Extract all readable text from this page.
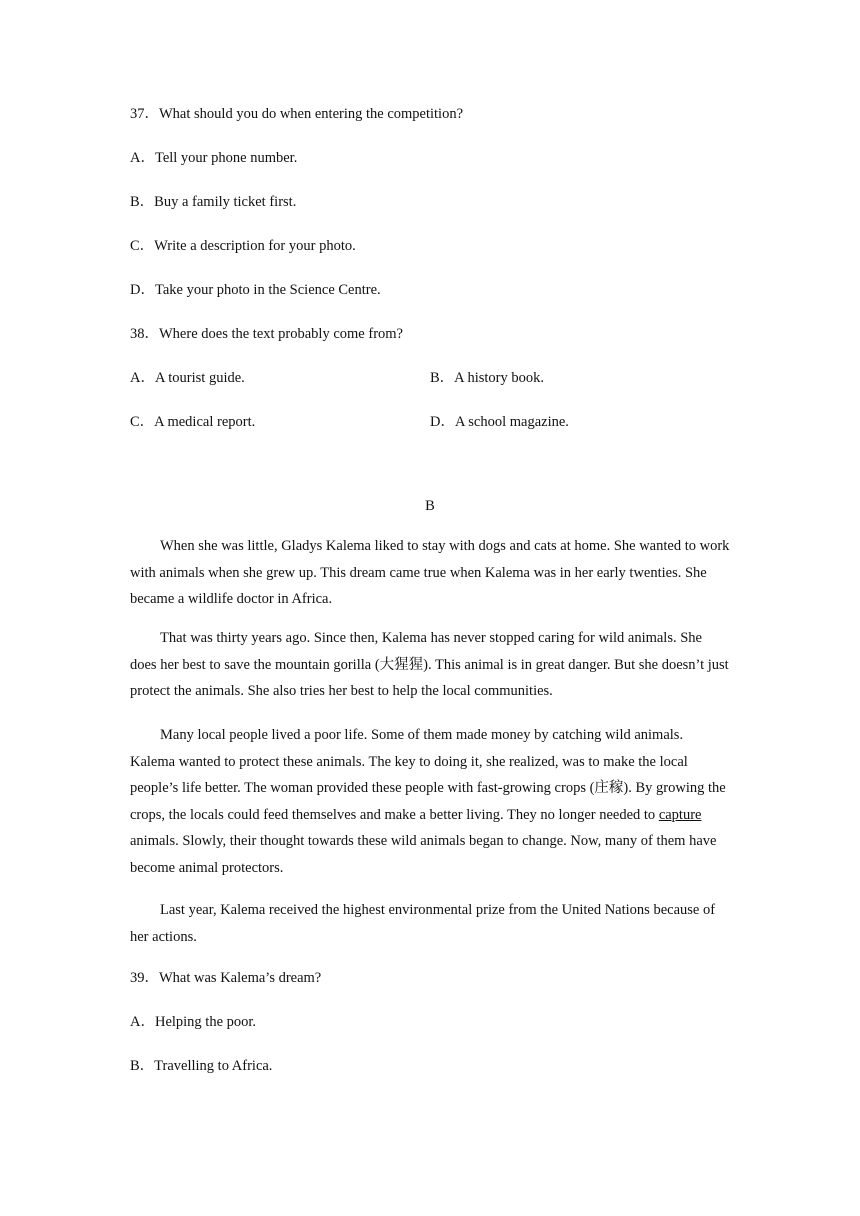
37．What should you do when entering the competition?
A．Tell your phone number.
B．Buy a family ticket first.
C．Write a description for your photo.
D．Take your photo in the Science Centre.
38．Where does the text probably come from?
A．A tourist guide.	B．A history book.
C．A medical report.	D．A school magazine.
B
When she was little, Gladys Kalema liked to stay with dogs and cats at home. She wanted to work with animals when she grew up. This dream came true when Kalema was in her early twenties. She became a wildlife doctor in Africa.
That was thirty years ago. Since then, Kalema has never stopped caring for wild animals. She does her best to save the mountain gorilla (大猩猩). This animal is in great danger. But she doesn’t just protect the animals. She also tries her best to help the local communities.
Many local people lived a poor life. Some of them made money by catching wild animals. Kalema wanted to protect these animals. The key to doing it, she realized, was to make the local people’s life better. The woman provided these people with fast-growing crops (庄稼). By growing the crops, the locals could feed themselves and make a better living. They no longer needed to capture animals. Slowly, their thought towards these wild animals began to change. Now, many of them have become animal protectors.
Last year, Kalema received the highest environmental prize from the United Nations because of her actions.
39．What was Kalema’s dream?
A．Helping the poor.
B．Travelling to Africa.
